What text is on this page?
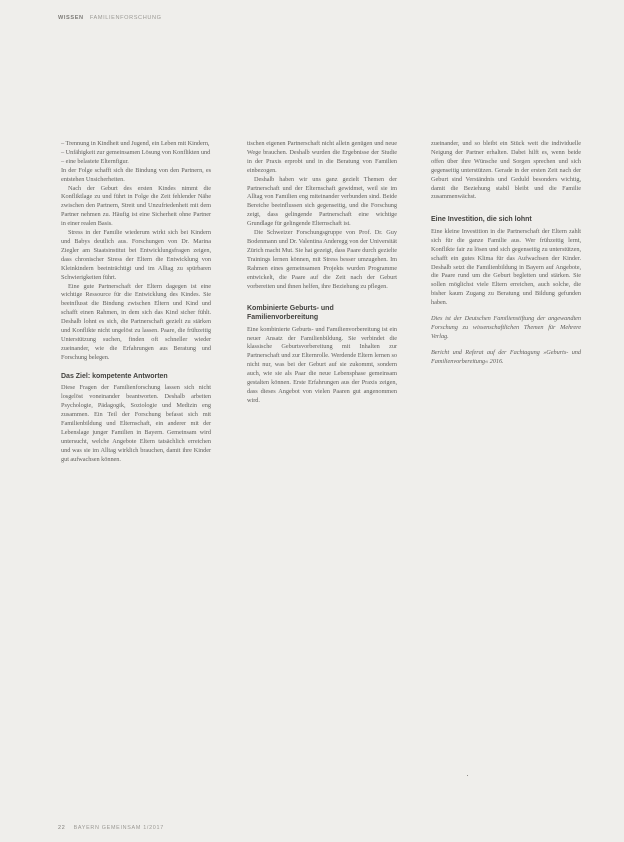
WISSEN FAMILIENFORSCHUNG
– Trennung in Kindheit und Jugend, ein Leben mit Kindern,
– Unfähigkeit zur gemeinsamen Lösung von Konflikten und
– eine belastete Elternfigur.

In der Folge schafft sich die Bindung von den Partnern, es entstehen Unsicherheiten.

Nach der Geburt des ersten Kindes nimmt die Konfliktlage zu und führt in Folge die Zeit fehlender Nähe zwischen den Partnern, Streit und Unzufriedenheit mit dem Partner nehmen zu. Häufig ist eine Sicherheit ohne Partner in einer realen Basis.

Stress in der Familie wiederum wirkt sich bei Kindern und Babys deutlich aus. Forschungen von Dr. Marina Ziegler am Staatsinstitut bei Entwicklungsfragen zeigen, dass chronischer Stress der Eltern die Entwicklung von Kleinkindern beeinträchtigt und im Alltag zu spürbaren Schwierigkeiten führt.

Eine gute Partnerschaft der Eltern dagegen ist eine wichtige Ressource für die Entwicklung des Kindes. Sie beeinflusst die Bindung zwischen Eltern und Kind und schafft einen Rahmen, in dem sich das Kind sicher fühlt. Deshalb lohnt es sich, die Partnerschaft gezielt zu stärken und Konflikte nicht ungelöst zu lassen. Paare, die frühzeitig Unterstützung suchen, finden oft schneller wieder zueinander, wie die Erfahrungen aus Beratung und Forschung belegen.

Das Ziel: kompetente Antworten

Diese Fragen der Familienforschung lassen sich nicht losgelöst voneinander beantworten. Deshalb arbeiten Psychologie, Pädagogik, Soziologie und Medizin eng zusammen. Ein Teil der Forschung befasst sich mit Familienbildung und Elternschaft, ein anderer mit der Lebenslage junger Familien in Bayern. Gemeinsam wird untersucht, welche Angebote Eltern tatsächlich erreichen und was sie im Alltag wirklich brauchen, damit ihre Kinder gut aufwachsen können.

tischen eigenen Partnerschaft nicht allein genügen und neue Wege brauchen. Deshalb wurden die Ergebnisse der Studie in der Praxis erprobt und in die Beratung von Familien einbezogen.

Deshalb haben wir uns ganz gezielt Themen der Partnerschaft und der Elternschaft gewidmet, weil sie im Alltag von Familien eng miteinander verbunden sind. Beide Bereiche beeinflussen sich gegenseitig, und die Forschung zeigt, dass gelingende Partnerschaft eine wichtige Grundlage für gelingende Elternschaft ist.

Die Schweizer Forschungsgruppe von Prof. Dr. Guy Bodenmann und Dr. Valentina Anderegg von der Universität Zürich macht Mut. Sie hat gezeigt, dass Paare durch gezielte Trainings lernen können, mit Stress besser umzugehen. Im Rahmen eines gemeinsamen Projekts wurden Programme entwickelt, die Paare auf die Zeit nach der Geburt vorbereiten und ihnen helfen, ihre Beziehung zu pflegen.

Kombinierte Geburts- und Familienvorbereitung

Eine kombinierte Geburts- und Familienvorbereitung ist ein neuer Ansatz der Familienbildung. Sie verbindet die klassische Geburtsvorbereitung mit Inhalten zur Partnerschaft und zur Elternrolle. Werdende Eltern lernen so nicht nur, was bei der Geburt auf sie zukommt, sondern auch, wie sie als Paar die neue Lebensphase gemeinsam gestalten können. Erste Erfahrungen aus der Praxis zeigen, dass dieses Angebot von vielen Paaren gut angenommen wird.

zueinander, und so bleibt ein Stück weit die individuelle Neigung der Partner erhalten. Dabei hilft es, wenn beide offen über ihre Wünsche und Sorgen sprechen und sich gegenseitig unterstützen. Gerade in der ersten Zeit nach der Geburt sind Verständnis und Geduld besonders wichtig, damit die Beziehung stabil bleibt und die Familie zusammenwächst.

Eine Investition, die sich lohnt

Eine kleine Investition in die Partnerschaft der Eltern zahlt sich für die ganze Familie aus. Wer frühzeitig lernt, Konflikte fair zu lösen und sich gegenseitig zu unterstützen, schafft ein gutes Klima für das Aufwachsen der Kinder. Deshalb setzt die Familienbildung in Bayern auf Angebote, die Paare rund um die Geburt begleiten und stärken. Sie sollen möglichst viele Eltern erreichen, auch solche, die bisher kaum Zugang zu Beratung und Bildung gefunden haben.

Dies ist der Deutschen Familienstiftung der angewandten Forschung zu wissenschaftlichen Themen für Mehrere Verlag.

Bericht und Referat auf der Fachtagung »Geburts- und Familienvorbereitung« 2016.

22 BAYERN GEMEINSAM 1/2017
